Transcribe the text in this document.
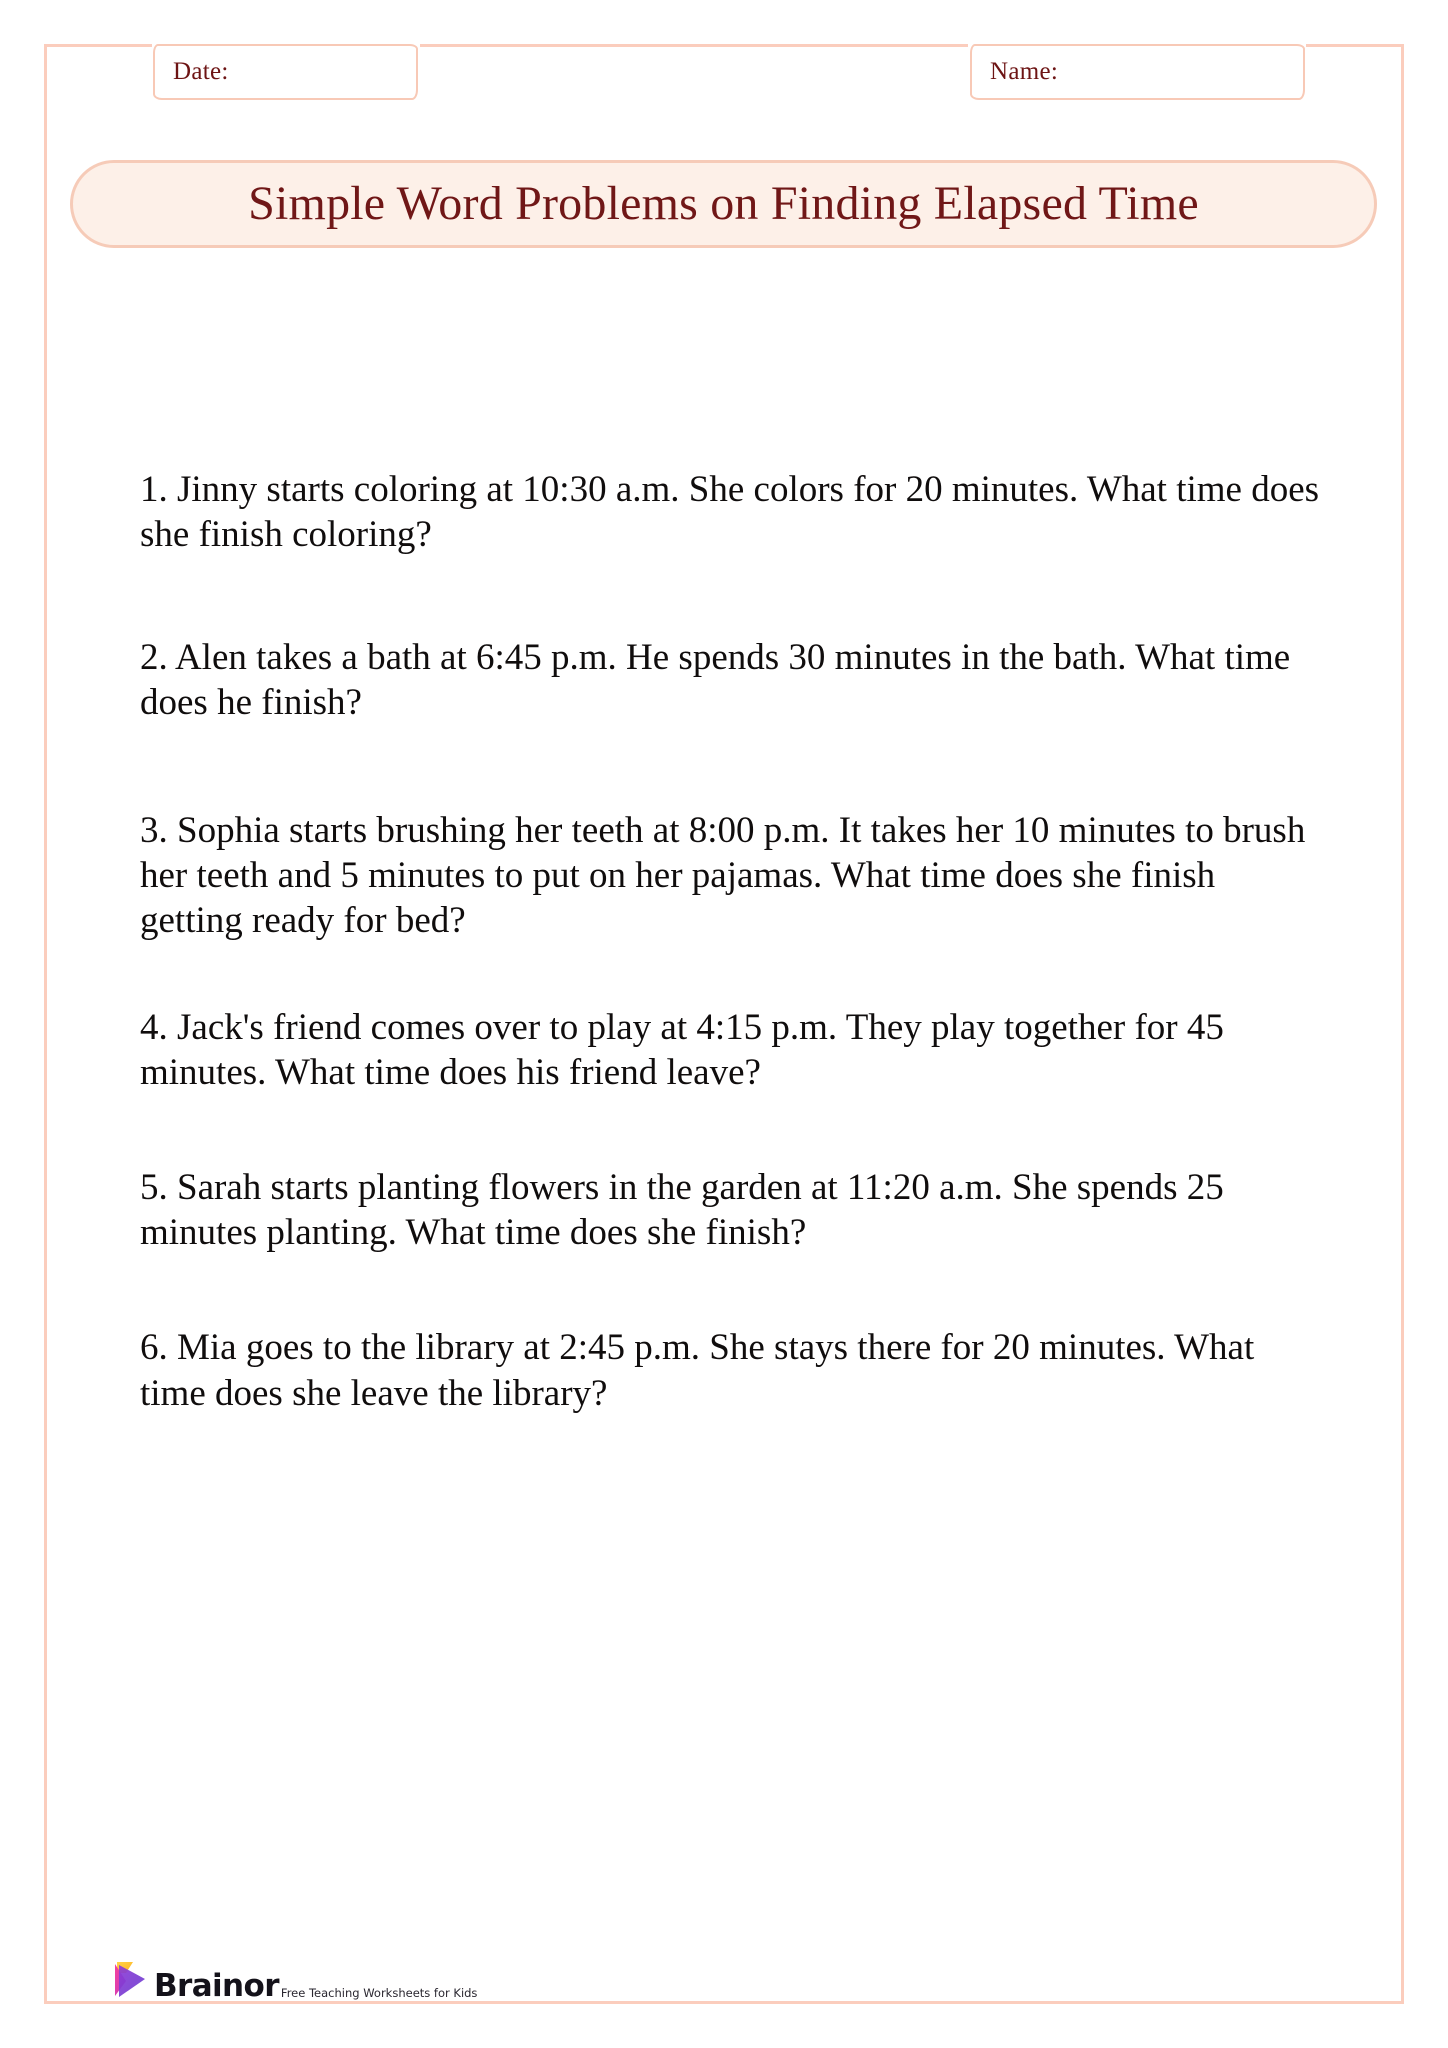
Date:	Name:
Simple Word Problems on Finding Elapsed Time

1. Jinny starts coloring at 10:30 a.m. She colors for 20 minutes. What time does she finish coloring?

2. Alen takes a bath at 6:45 p.m. He spends 30 minutes in the bath. What time does he finish?

3. Sophia starts brushing her teeth at 8:00 p.m. It takes her 10 minutes to brush her teeth and 5 minutes to put on her pajamas. What time does she finish getting ready for bed?

4. Jack's friend comes over to play at 4:15 p.m. They play together for 45 minutes. What time does his friend leave?

5. Sarah starts planting flowers in the garden at 11:20 a.m. She spends 25 minutes planting. What time does she finish?

6. Mia goes to the library at 2:45 p.m. She stays there for 20 minutes. What time does she leave the library?

Brainor Free Teaching Worksheets for Kids
